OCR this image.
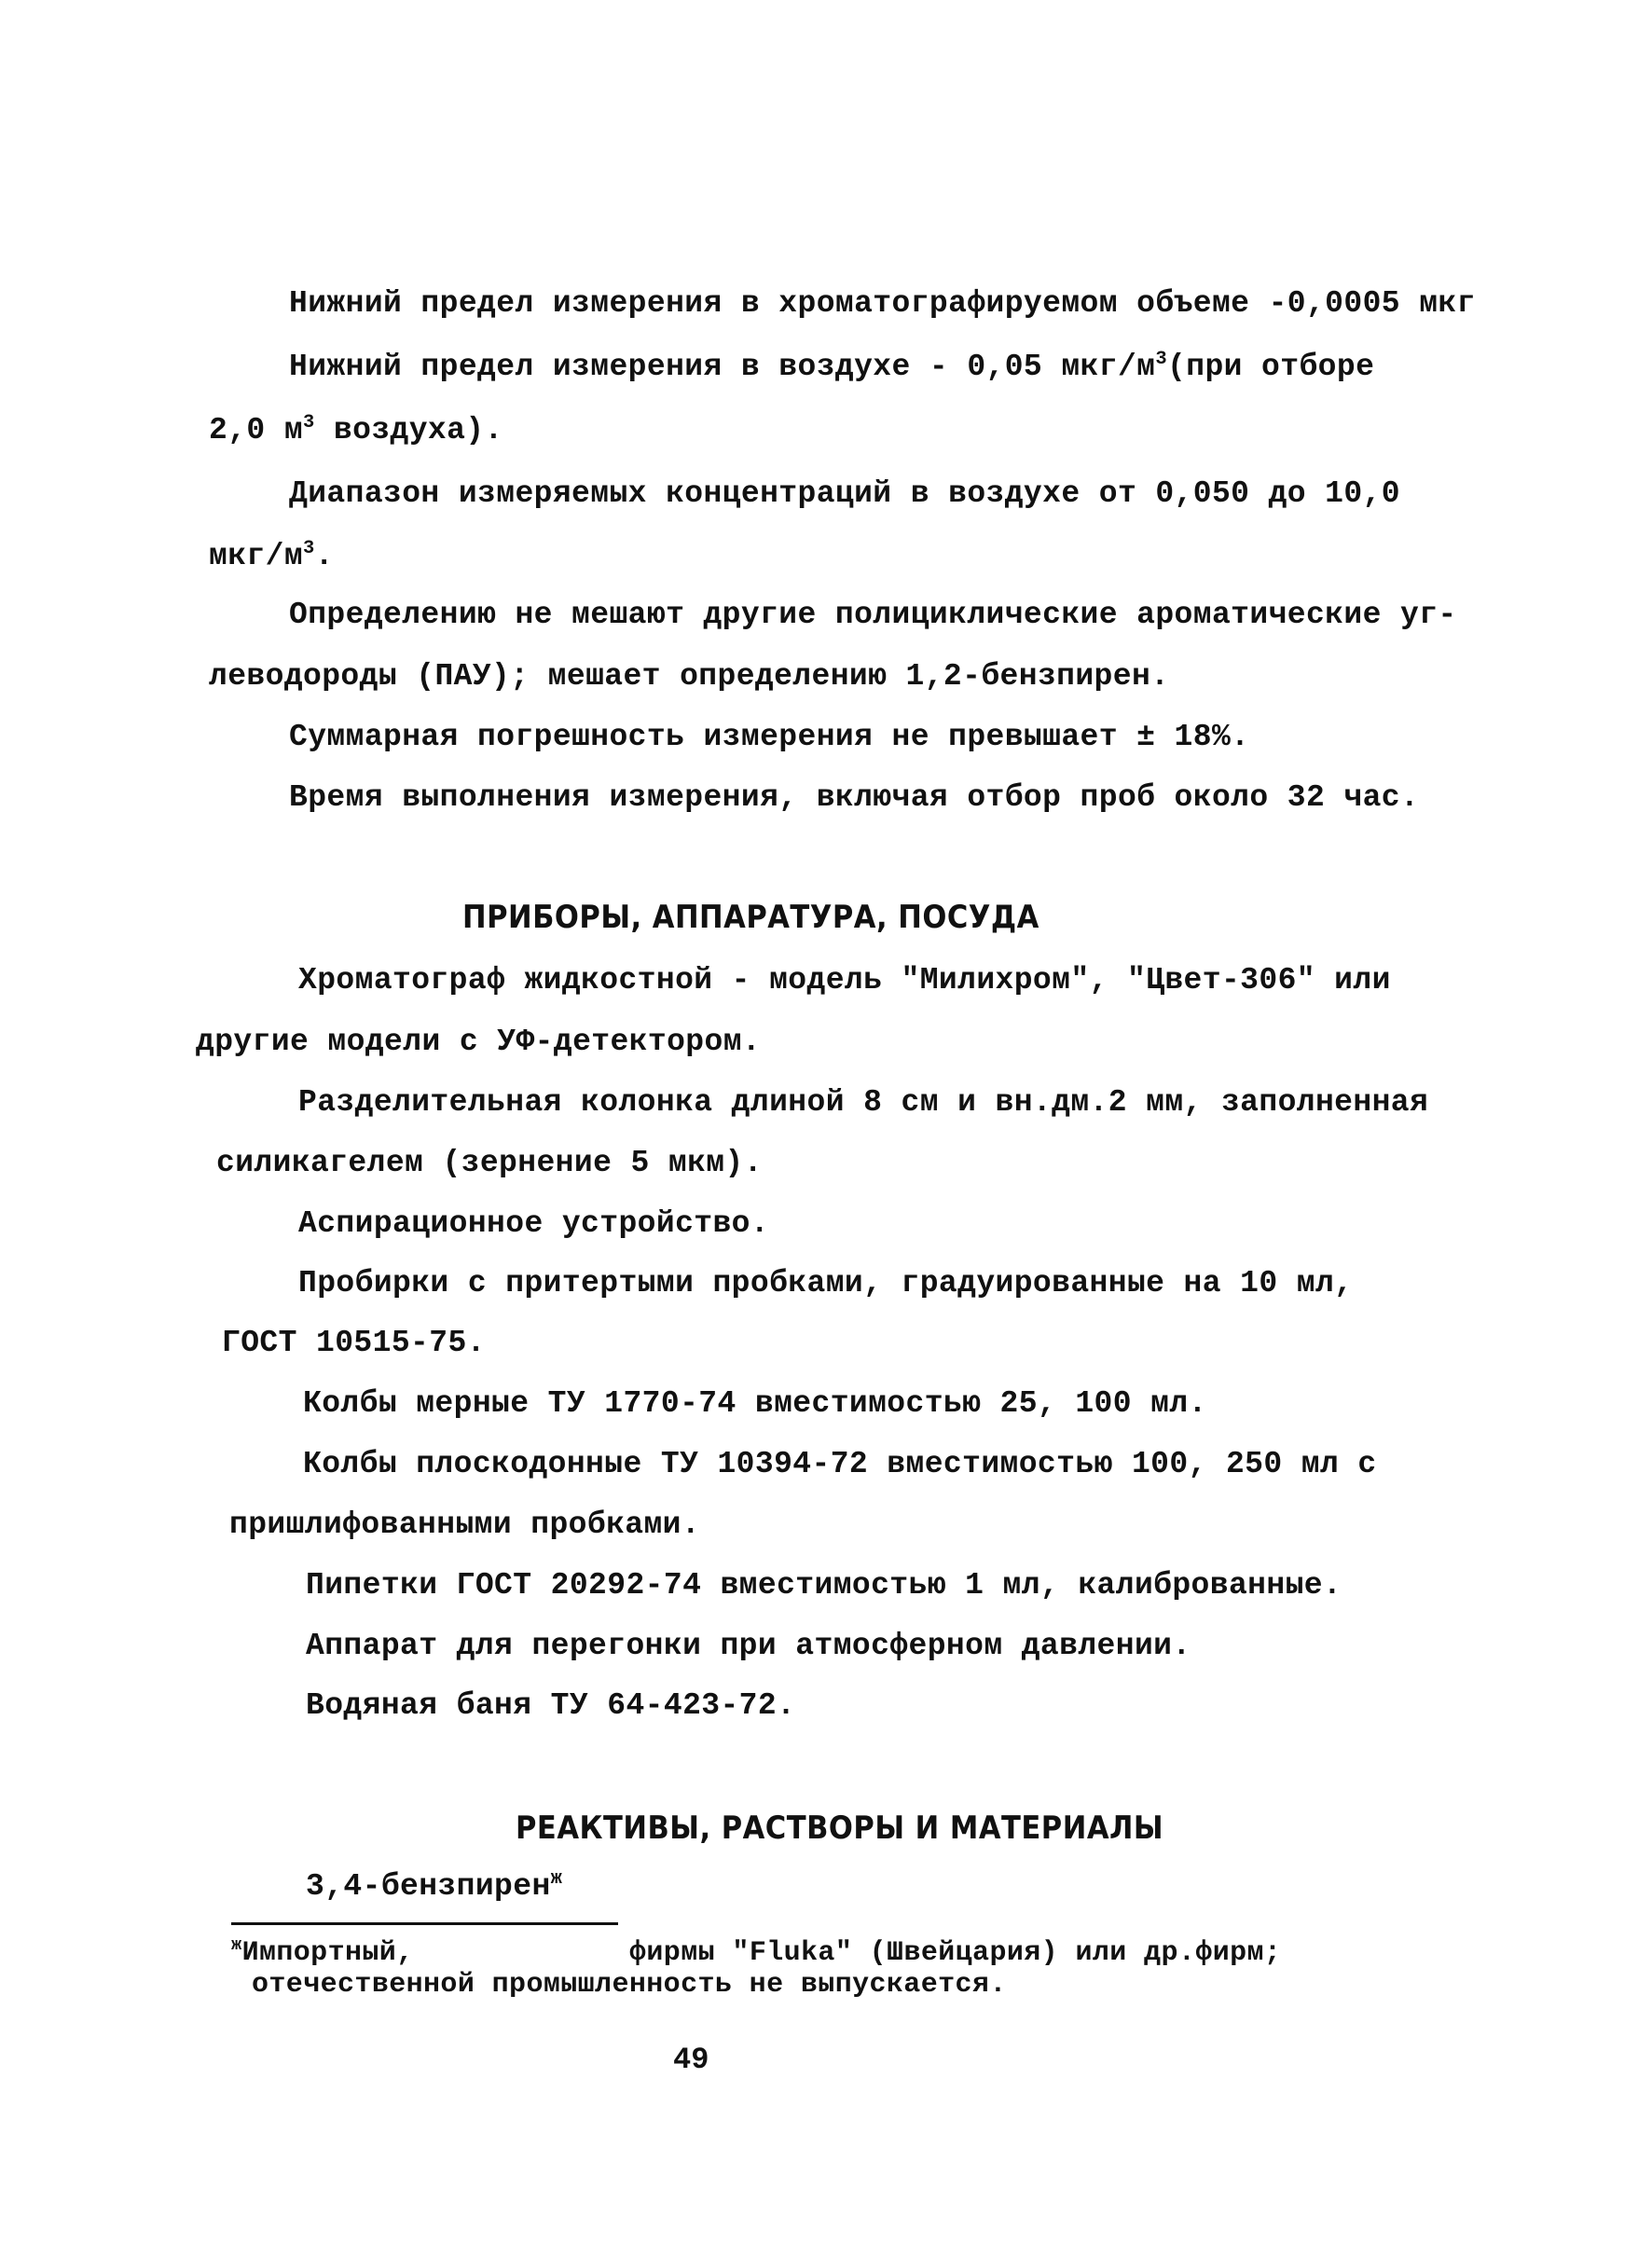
Нижний предел измерения в хроматографируемом объеме -0,0005 мкг

Нижний предел измерения в воздухе - 0,05 мкг/$м^3(при$ отборе

2,0 $м^3$ воздуха).

Диапазон измеряемых концентраций в воздухе от 0,050 до 10,0

мкг/$м^3$.

Определению не мешают другие полициклические ароматические уг-

леводороды (ПАУ); мешает определению 1,2-бензпирен.

Суммарная погрешность измерения не превышает ± 18%.

Время выполнения измерения, включая отбор проб около 32 час.

ПРИБОРЫ, АППАРАТУРА, ПОСУДА

Хроматограф жидкостной - модель "Милихром", "Цвет-306" или

другие модели с УФ-детектором.

Разделительная колонка длиной 8 см и вн.дм.2 мм, заполненная

силикагелем (зернение 5 мкм).

Аспирационное устройство.

Пробирки с притертыми пробками, градуированные на 10 мл,

ГОСТ 10515-75.

Колбы мерные ТУ 1770-74 вместимостью 25, 100 мл.

Колбы плоскодонные ТУ 10394-72 вместимостью 100, 250 мл с

пришлифованными пробками.

Пипетки ГОСТ 20292-74 вместимостью 1 мл, калиброванные.

Аппарат для перегонки при атмосферном давлении.

Водяная баня ТУ 64-423-72.

РЕАКТИВЫ, РАСТВОРЫ И МАТЕРИАЛЫ

3,4-бензпирен$^ж$

$^ж$Импортный,	фирмы "Fluka" (Швейцария) или др.фирм;

отечественной промышленность не выпускается.

49
